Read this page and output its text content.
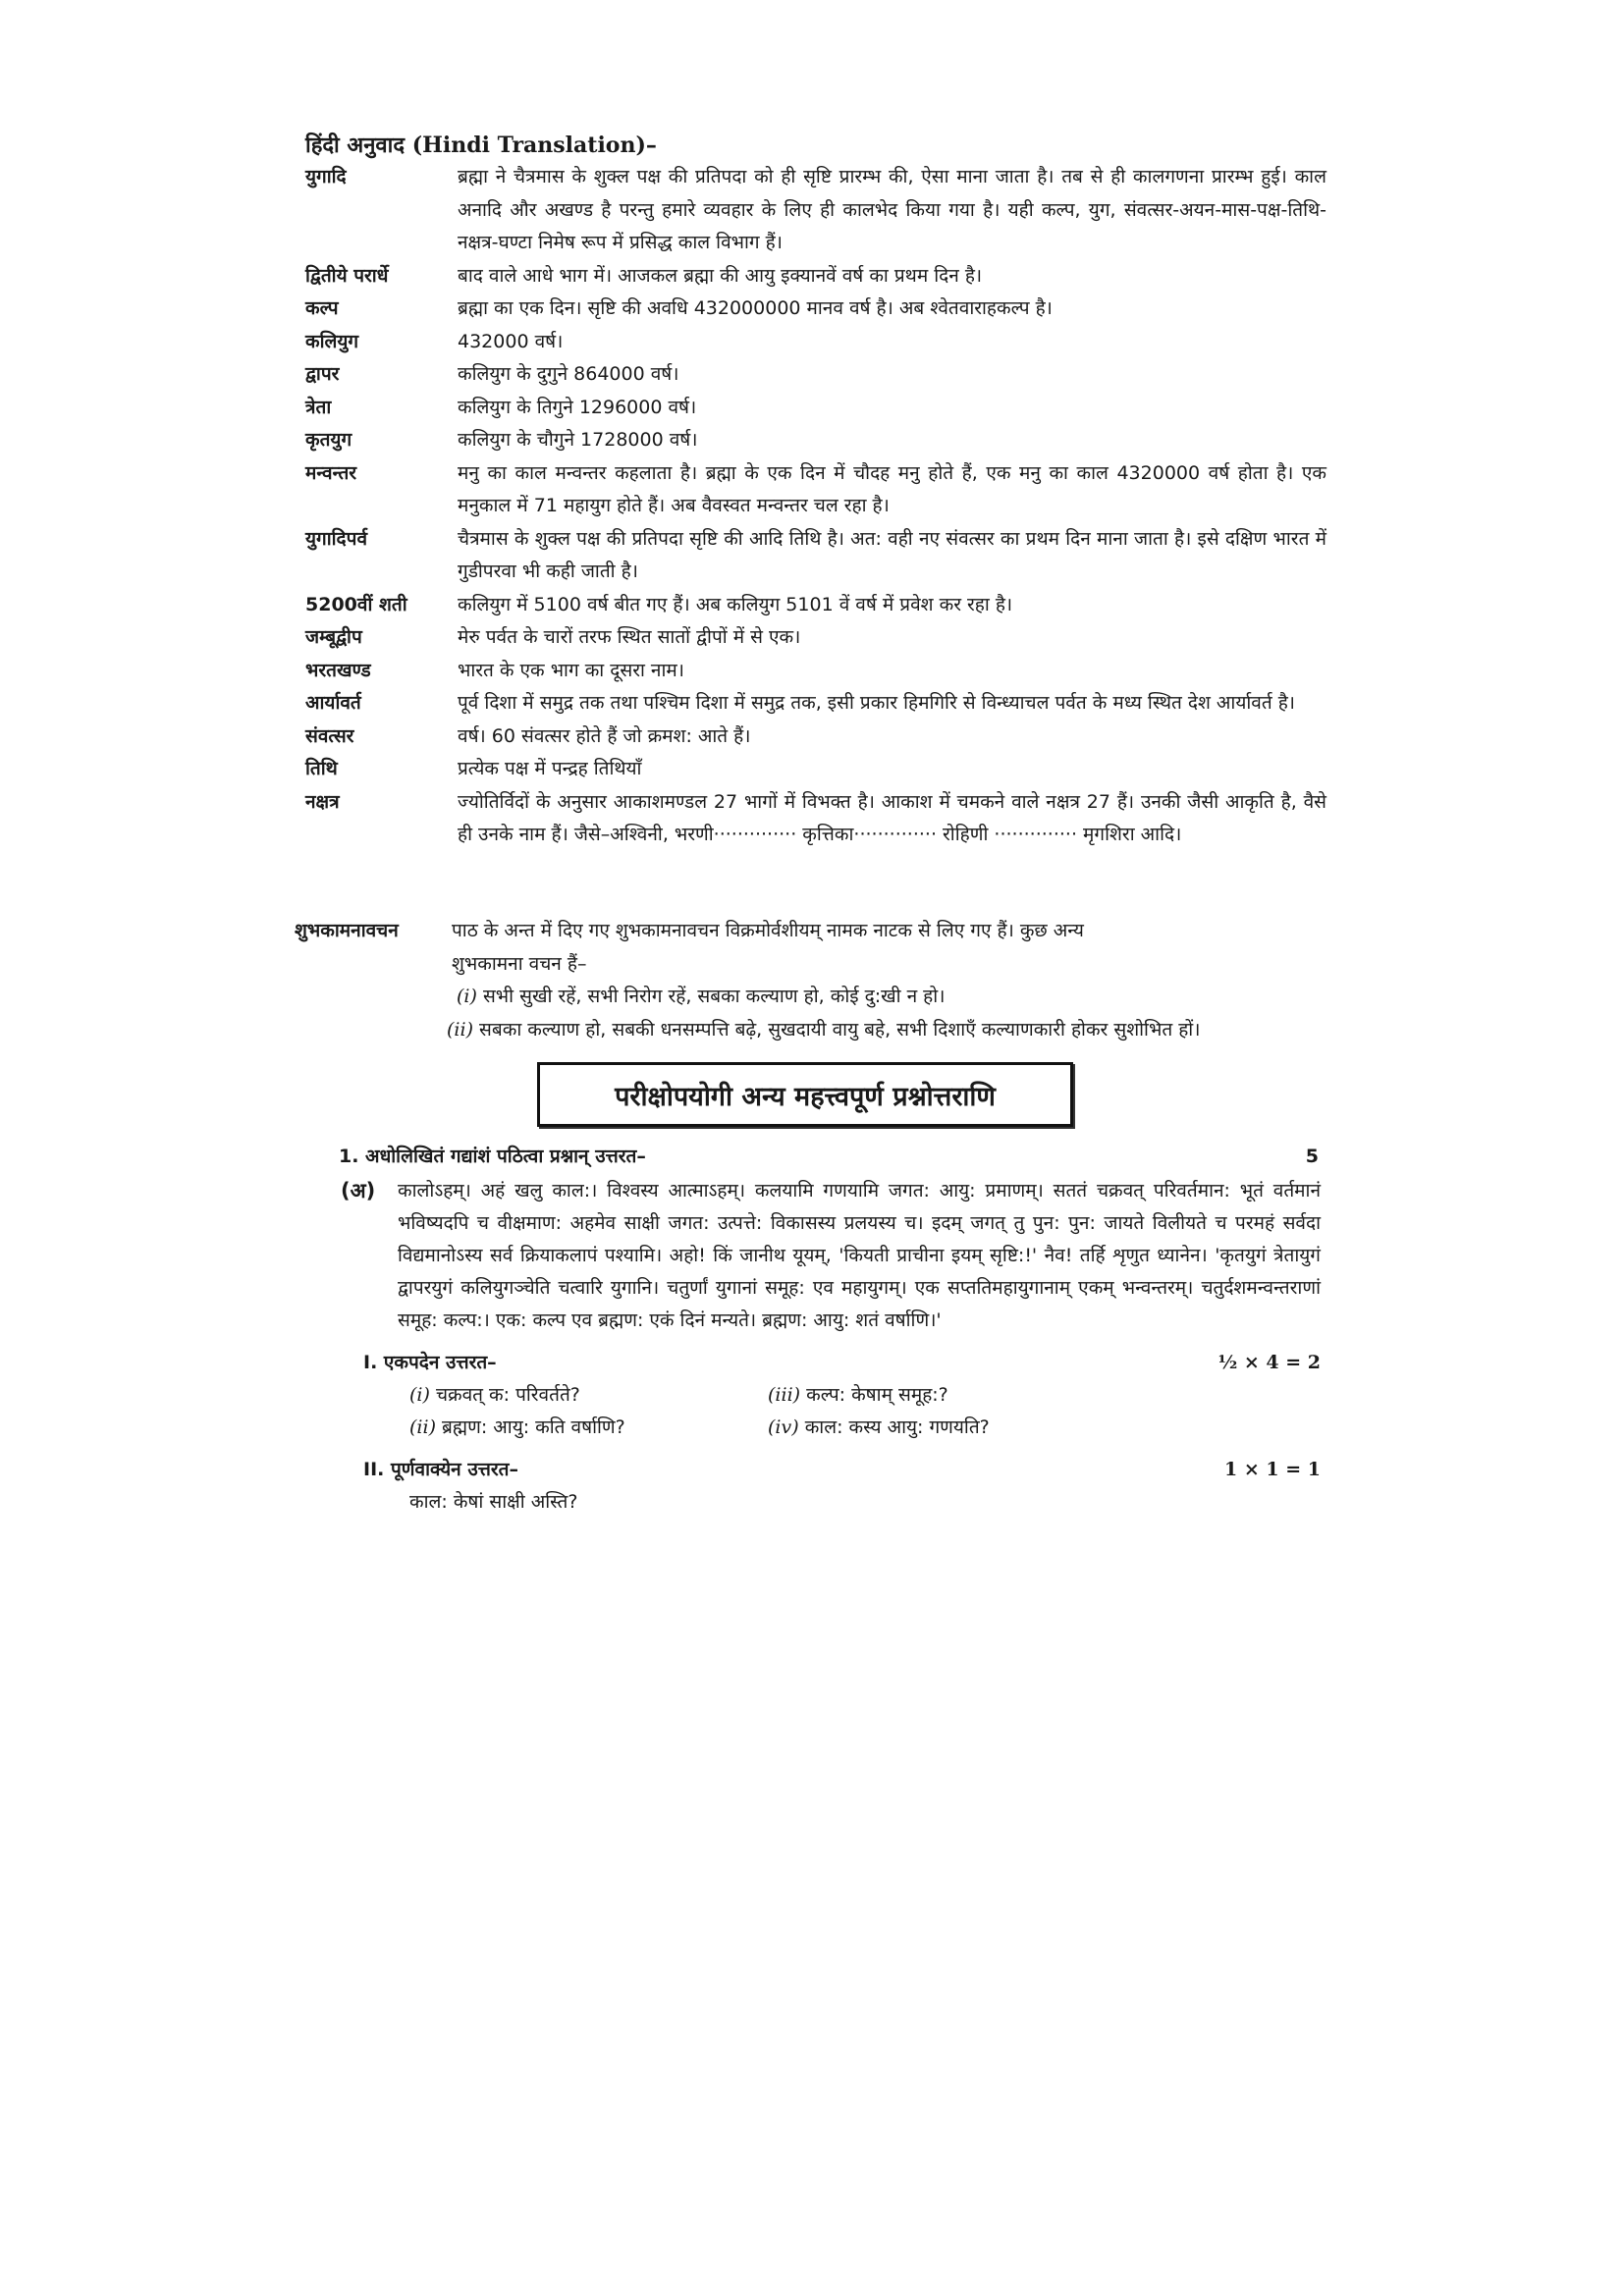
हिंदी अनुवाद (Hindi Translation)–
युगादि	ब्रह्मा ने चैत्रमास के शुक्ल पक्ष की प्रतिपदा को ही सृष्टि प्रारम्भ की, ऐसा माना जाता है। तब से ही कालगणना प्रारम्भ हुई। काल अनादि और अखण्ड है परन्तु हमारे व्यवहार के लिए ही कालभेद किया गया है। यही कल्प, युग, संवत्सर-अयन-मास-पक्ष-तिथि-नक्षत्र-घण्टा निमेष रूप में प्रसिद्ध काल विभाग हैं।
द्वितीये परार्धे	बाद वाले आधे भाग में। आजकल ब्रह्मा की आयु इक्यानवें वर्ष का प्रथम दिन है।
कल्प	ब्रह्मा का एक दिन। सृष्टि की अवधि 432000000 मानव वर्ष है। अब श्वेतवाराहकल्प है।
कलियुग	432000 वर्ष।
द्वापर	कलियुग के दुगुने 864000 वर्ष।
त्रेता	कलियुग के तिगुने 1296000 वर्ष।
कृतयुग	कलियुग के चौगुने 1728000 वर्ष।
मन्वन्तर	मनु का काल मन्वन्तर कहलाता है। ब्रह्मा के एक दिन में चौदह मनु होते हैं, एक मनु का काल 4320000 वर्ष होता है। एक मनुकाल में 71 महायुग होते हैं। अब वैवस्वत मन्वन्तर चल रहा है।
युगादिपर्व	चैत्रमास के शुक्ल पक्ष की प्रतिपदा सृष्टि की आदि तिथि है। अत: वही नए संवत्सर का प्रथम दिन माना जाता है। इसे दक्षिण भारत में गुडीपरवा भी कही जाती है।
5200वीं शती	कलियुग में 5100 वर्ष बीत गए हैं। अब कलियुग 5101 वें वर्ष में प्रवेश कर रहा है।
जम्बूद्वीप	मेरु पर्वत के चारों तरफ स्थित सातों द्वीपों में से एक।
भरतखण्ड	भारत के एक भाग का दूसरा नाम।
आर्यावर्त	पूर्व दिशा में समुद्र तक तथा पश्चिम दिशा में समुद्र तक, इसी प्रकार हिमगिरि से विन्ध्याचल पर्वत के मध्य स्थित देश आर्यावर्त है।
संवत्सर	वर्ष। 60 संवत्सर होते हैं जो क्रमश: आते हैं।
तिथि	प्रत्येक पक्ष में पन्द्रह तिथियाँ
नक्षत्र	ज्योतिर्विदों के अनुसार आकाशमण्डल 27 भागों में विभक्त है। आकाश में चमकने वाले नक्षत्र 27 हैं। उनकी जैसी आकृति है, वैसे ही उनके नाम हैं। जैसे–अश्विनी, भरणी·············· कृत्तिका·············· रोहिणी ·············· मृगशिरा आदि।
शुभकामनावचन	पाठ के अन्त में दिए गए शुभकामनावचन विक्रमोर्वशीयम् नामक नाटक से लिए गए हैं। कुछ अन्य
शुभकामना वचन हैं–
(i) सभी सुखी रहें, सभी निरोग रहें, सबका कल्याण हो, कोई दु:खी न हो।
(ii) सबका कल्याण हो, सबकी धनसम्पत्ति बढ़े, सुखदायी वायु बहे, सभी दिशाएँ कल्याणकारी होकर सुशोभित हों।
परीक्षोपयोगी अन्य महत्त्वपूर्ण प्रश्नोत्तराणि
1. अधोलिखितं गद्यांशं पठित्वा प्रश्नान् उत्तरत–	5
(अ)	कालोऽहम्। अहं खलु काल:। विश्वस्य आत्माऽहम्। कलयामि गणयामि जगत: आयु: प्रमाणम्। सततं चक्रवत् परिवर्तमान: भूतं वर्तमानं भविष्यदपि च वीक्षमाण: अहमेव साक्षी जगत: उत्पत्ते: विकासस्य प्रलयस्य च। इदम् जगत् तु पुन: पुन: जायते विलीयते च परमहं सर्वदा विद्यमानोऽस्य सर्व क्रियाकलापं पश्यामि। अहो! किं जानीथ यूयम्, 'कियती प्राचीना इयम् सृष्टि:!' नैव! तर्हि शृणुत ध्यानेन। 'कृतयुगं त्रेतायुगं द्वापरयुगं कलियुगञ्चेति चत्वारि युगानि। चतुर्णां युगानां समूह: एव महायुगम्। एक सप्ततिमहायुगानाम् एकम् भन्वन्तरम्। चतुर्दशमन्वन्तराणां समूह: कल्प:। एक: कल्प एव ब्रह्मण: एकं दिनं मन्यते। ब्रह्मण: आयु: शतं वर्षाणि।'
I. एकपदेन उत्तरत–	½ × 4 = 2
(i) चक्रवत् क: परिवर्तते?	(iii) कल्प: केषाम् समूह:?
(ii) ब्रह्मण: आयु: कति वर्षाणि?	(iv) काल: कस्य आयु: गणयति?
II. पूर्णवाक्येन उत्तरत–	1 × 1 = 1
काल: केषां साक्षी अस्ति?
